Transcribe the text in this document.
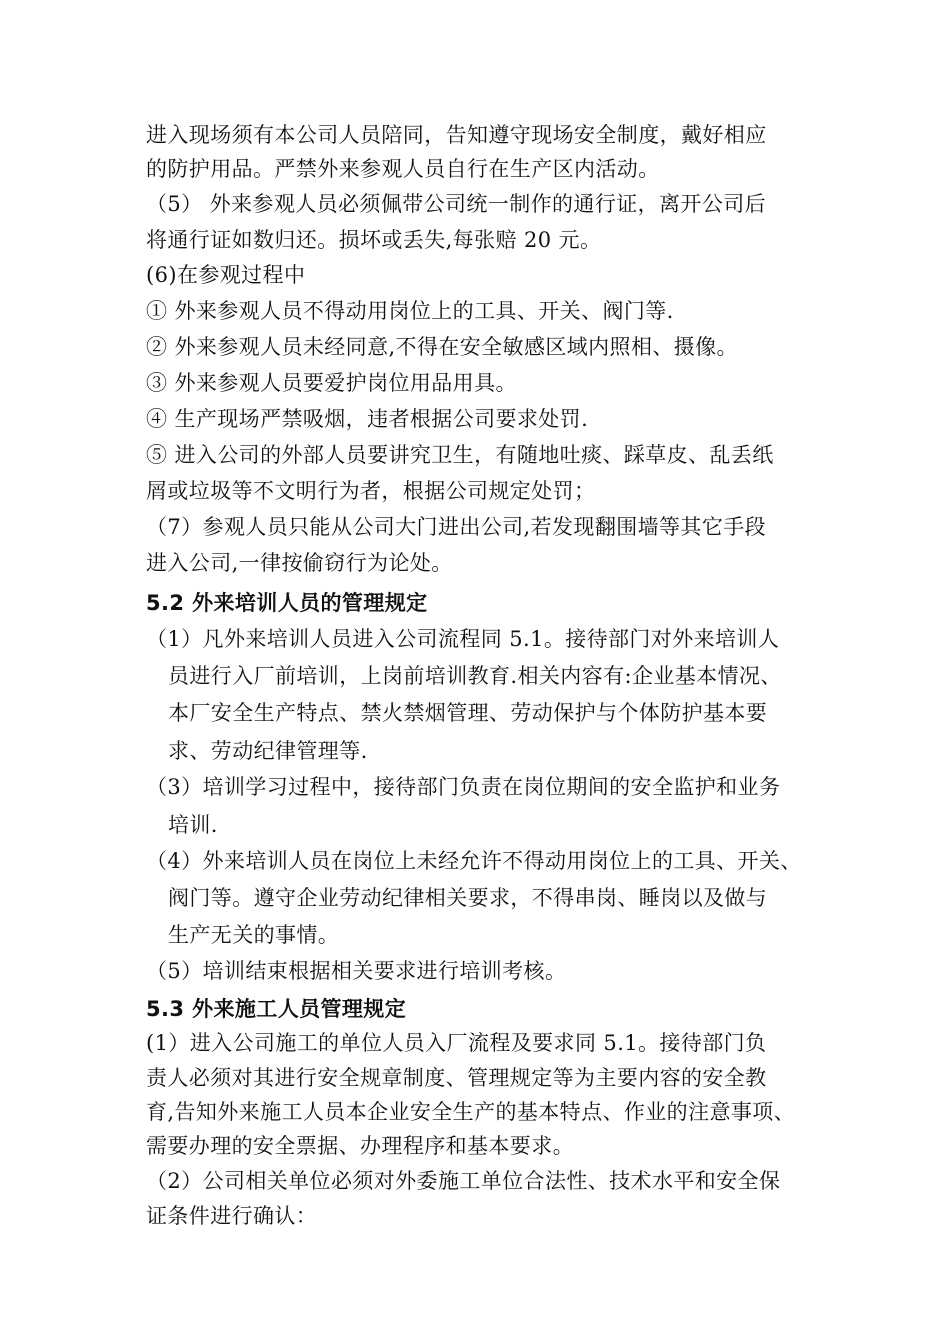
进入现场须有本公司人员陪同，告知遵守现场安全制度，戴好相应
的防护用品。严禁外来参观人员自行在生产区内活动。
（5） 外来参观人员必须佩带公司统一制作的通行证，离开公司后
将通行证如数归还。损坏或丢失,每张赔 20 元。
(6)在参观过程中
① 外来参观人员不得动用岗位上的工具、开关、阀门等.
② 外来参观人员未经同意,不得在安全敏感区域内照相、摄像。
③ 外来参观人员要爱护岗位用品用具。
④ 生产现场严禁吸烟，违者根据公司要求处罚.
⑤ 进入公司的外部人员要讲究卫生，有随地吐痰、踩草皮、乱丢纸
屑或垃圾等不文明行为者，根据公司规定处罚；
（7）参观人员只能从公司大门进出公司,若发现翻围墙等其它手段
进入公司,一律按偷窃行为论处。
5.2 外来培训人员的管理规定
（1）凡外来培训人员进入公司流程同 5.1。接待部门对外来培训人
员进行入厂前培训，上岗前培训教育.相关内容有:企业基本情况、
本厂安全生产特点、禁火禁烟管理、劳动保护与个体防护基本要
求、劳动纪律管理等.
（3）培训学习过程中，接待部门负责在岗位期间的安全监护和业务
培训.
（4）外来培训人员在岗位上未经允许不得动用岗位上的工具、开关、
阀门等。遵守企业劳动纪律相关要求，不得串岗、睡岗以及做与
生产无关的事情。
（5）培训结束根据相关要求进行培训考核。
5.3 外来施工人员管理规定
(1）进入公司施工的单位人员入厂流程及要求同 5.1。接待部门负
责人必须对其进行安全规章制度、管理规定等为主要内容的安全教
育,告知外来施工人员本企业安全生产的基本特点、作业的注意事项、
需要办理的安全票据、办理程序和基本要求。
（2）公司相关单位必须对外委施工单位合法性、技术水平和安全保
证条件进行确认：
